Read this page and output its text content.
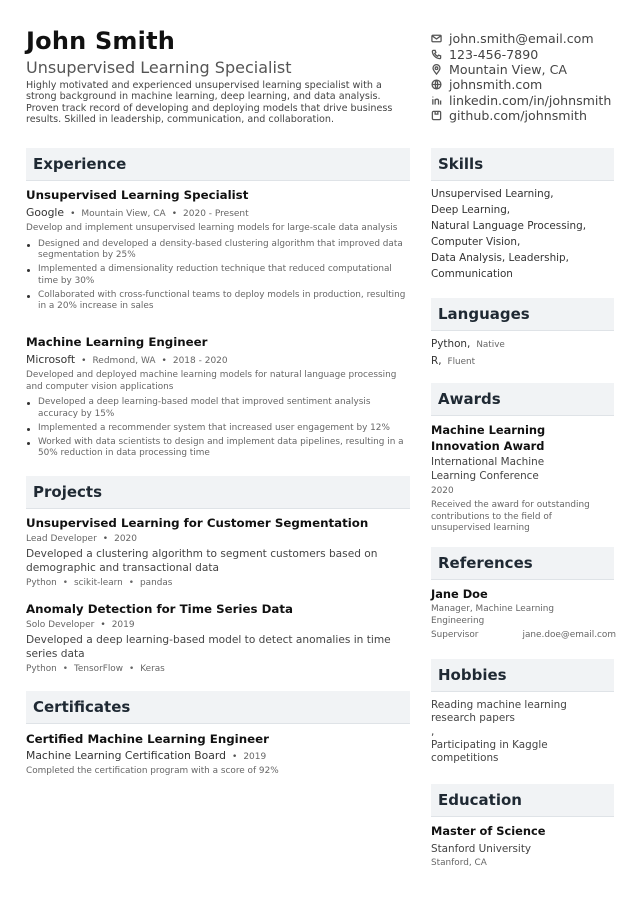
John Smith
Unsupervised Learning Specialist
Highly motivated and experienced unsupervised learning specialist with a strong background in machine learning, deep learning, and data analysis. Proven track record of developing and deploying models that drive business results. Skilled in leadership, communication, and collaboration.
john.smith@email.com
123-456-7890
Mountain View, CA
johnsmith.com
linkedin.com/in/johnsmith
github.com/johnsmith
Experience
Unsupervised Learning Specialist
Google • Mountain View, CA • 2020 - Present
Develop and implement unsupervised learning models for large-scale data analysis
Designed and developed a density-based clustering algorithm that improved data segmentation by 25%
Implemented a dimensionality reduction technique that reduced computational time by 30%
Collaborated with cross-functional teams to deploy models in production, resulting in a 20% increase in sales
Machine Learning Engineer
Microsoft • Redmond, WA • 2018 - 2020
Developed and deployed machine learning models for natural language processing and computer vision applications
Developed a deep learning-based model that improved sentiment analysis accuracy by 15%
Implemented a recommender system that increased user engagement by 12%
Worked with data scientists to design and implement data pipelines, resulting in a 50% reduction in data processing time
Projects
Unsupervised Learning for Customer Segmentation
Lead Developer • 2020
Developed a clustering algorithm to segment customers based on demographic and transactional data
Python • scikit-learn • pandas
Anomaly Detection for Time Series Data
Solo Developer • 2019
Developed a deep learning-based model to detect anomalies in time series data
Python • TensorFlow • Keras
Certificates
Certified Machine Learning Engineer
Machine Learning Certification Board • 2019
Completed the certification program with a score of 92%
Skills
Unsupervised Learning,
Deep Learning,
Natural Language Processing,
Computer Vision,
Data Analysis, Leadership,
Communication
Languages
Python, Native
R, Fluent
Awards
Machine Learning Innovation Award
International Machine Learning Conference
2020
Received the award for outstanding contributions to the field of unsupervised learning
References
Jane Doe
Manager, Machine Learning Engineering
Supervisor	jane.doe@email.com
Hobbies
Reading machine learning research papers
,
Participating in Kaggle competitions
Education
Master of Science
Stanford University
Stanford, CA
